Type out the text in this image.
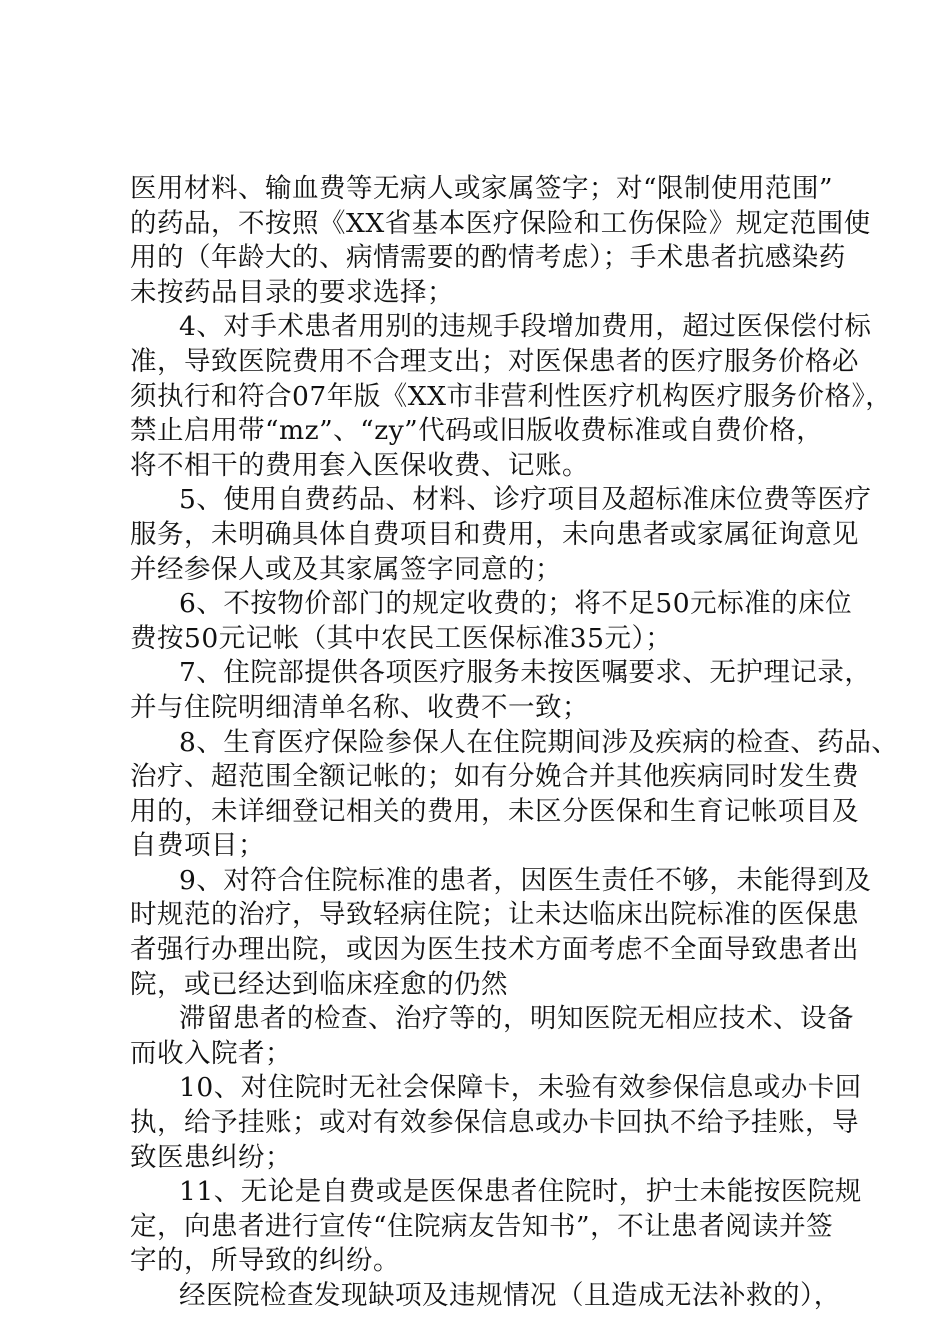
医用材料、输血费等无病人或家属签字；对“限制使用范围”
的药品，不按照《XX省基本医疗保险和工伤保险》规定范围使
用的（年龄大的、病情需要的酌情考虑）；手术患者抗感染药
未按药品目录的要求选择；
4、对手术患者用别的违规手段增加费用，超过医保偿付标
准，导致医院费用不合理支出；对医保患者的医疗服务价格必
须执行和符合07年版《XX市非营利性医疗机构医疗服务价格》，
禁止启用带“mz”、“zy”代码或旧版收费标准或自费价格，
将不相干的费用套入医保收费、记账。
5、使用自费药品、材料、诊疗项目及超标准床位费等医疗
服务，未明确具体自费项目和费用，未向患者或家属征询意见
并经参保人或及其家属签字同意的；
6、不按物价部门的规定收费的；将不足50元标准的床位
费按50元记帐（其中农民工医保标准35元）；
7、住院部提供各项医疗服务未按医嘱要求、无护理记录，
并与住院明细清单名称、收费不一致；
8、生育医疗保险参保人在住院期间涉及疾病的检查、药品、
治疗、超范围全额记帐的；如有分娩合并其他疾病同时发生费
用的，未详细登记相关的费用，未区分医保和生育记帐项目及
自费项目；
9、对符合住院标准的患者，因医生责任不够，未能得到及
时规范的治疗，导致轻病住院；让未达临床出院标准的医保患
者强行办理出院，或因为医生技术方面考虑不全面导致患者出
院，或已经达到临床痊愈的仍然
滞留患者的检查、治疗等的，明知医院无相应技术、设备
而收入院者；
10、对住院时无社会保障卡，未验有效参保信息或办卡回
执，给予挂账；或对有效参保信息或办卡回执不给予挂账，导
致医患纠纷；
11、无论是自费或是医保患者住院时，护士未能按医院规
定，向患者进行宣传“住院病友告知书”，不让患者阅读并签
字的，所导致的纠纷。
经医院检查发现缺项及违规情况（且造成无法补救的），
